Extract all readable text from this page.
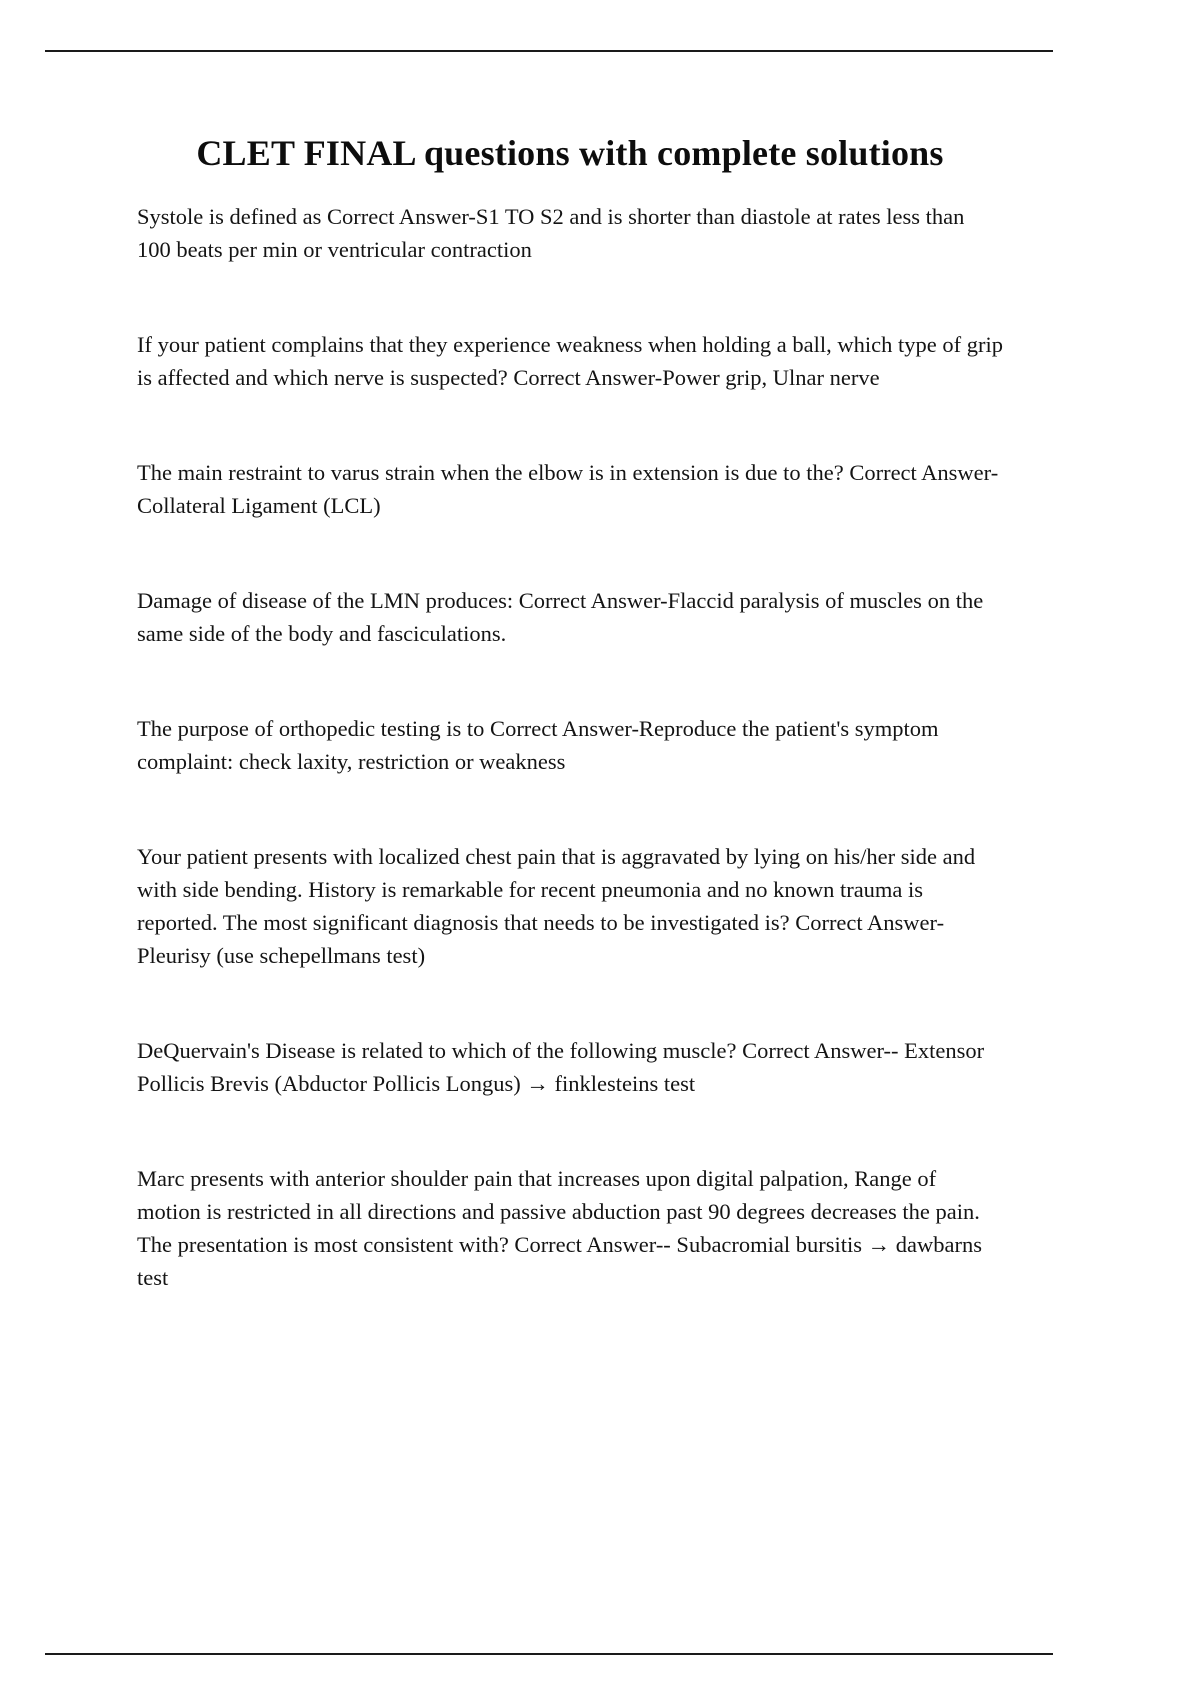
CLET FINAL questions with complete solutions

Systole is defined as Correct Answer-S1 TO S2 and is shorter than diastole at rates less than 100 beats per min or ventricular contraction

If your patient complains that they experience weakness when holding a ball, which type of grip is affected and which nerve is suspected? Correct Answer-Power grip, Ulnar nerve

The main restraint to varus strain when the elbow is in extension is due to the? Correct Answer-Collateral Ligament (LCL)

Damage of disease of the LMN produces: Correct Answer-Flaccid paralysis of muscles on the same side of the body and fasciculations.

The purpose of orthopedic testing is to Correct Answer-Reproduce the patient's symptom complaint: check laxity, restriction or weakness

Your patient presents with localized chest pain that is aggravated by lying on his/her side and with side bending. History is remarkable for recent pneumonia and no known trauma is reported. The most significant diagnosis that needs to be investigated is? Correct Answer-Pleurisy (use schepellmans test)

DeQuervain's Disease is related to which of the following muscle? Correct Answer-- Extensor Pollicis Brevis (Abductor Pollicis Longus) → finklesteins test

Marc presents with anterior shoulder pain that increases upon digital palpation, Range of motion is restricted in all directions and passive abduction past 90 degrees decreases the pain. The presentation is most consistent with? Correct Answer-- Subacromial bursitis → dawbarns test
